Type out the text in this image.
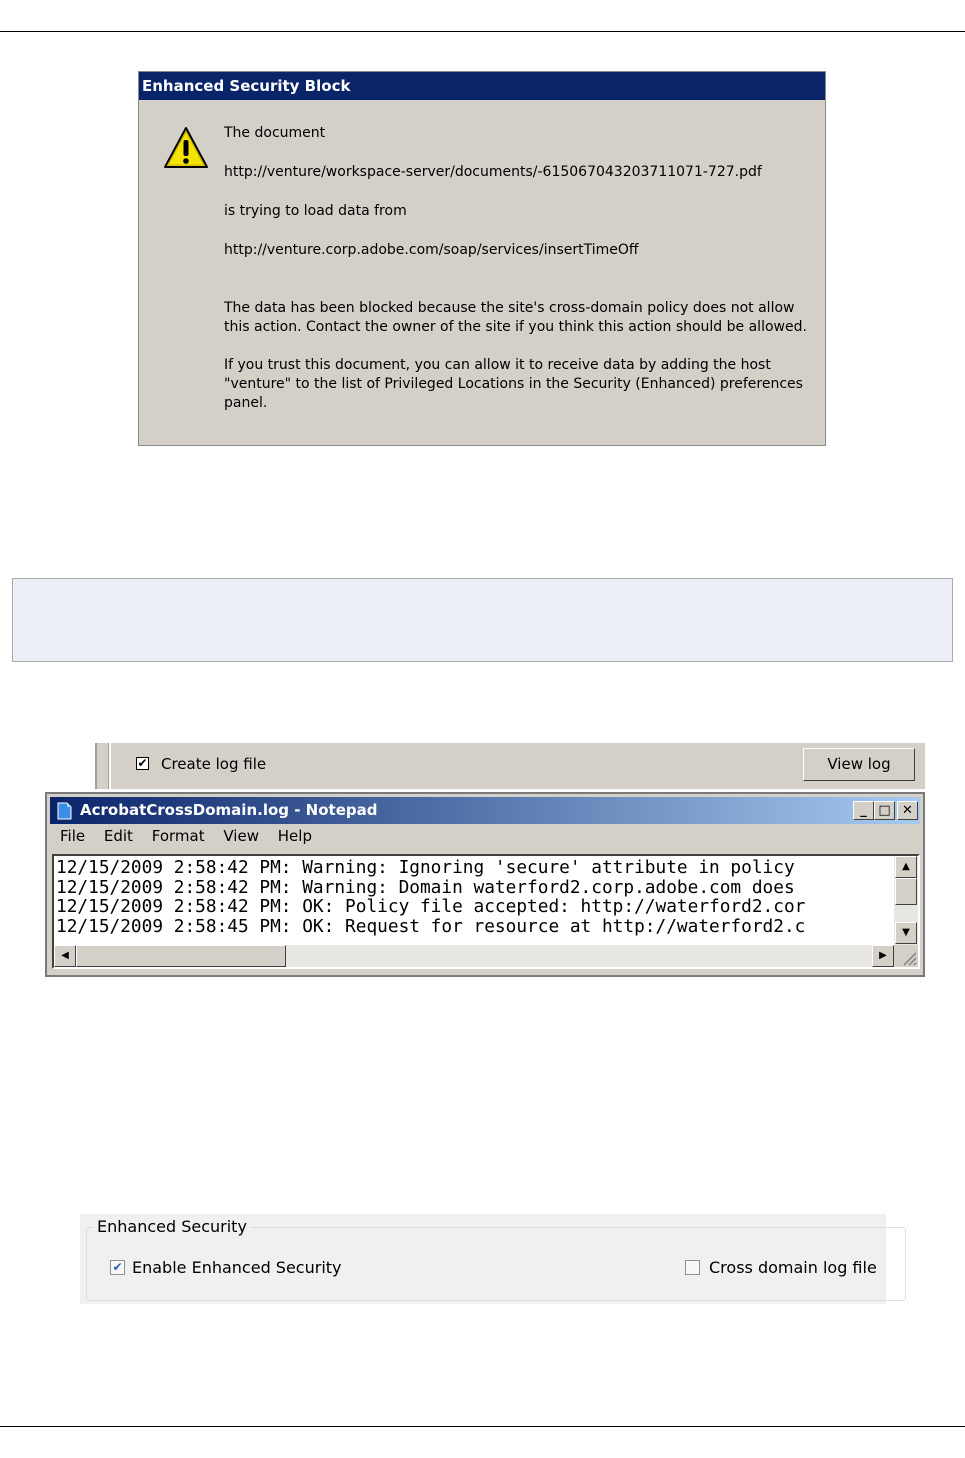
Enhanced Security Block

The document

http://venture/workspace-server/documents/-615067043203711071-727.pdf

is trying to load data from

http://venture.corp.adobe.com/soap/services/insertTimeOff

The data has been blocked because the site's cross-domain policy does not allow this action. Contact the owner of the site if you think this action should be allowed.

If you trust this document, you can allow it to receive data by adding the host "venture" to the list of Privileged Locations in the Security (Enhanced) preferences panel.

✔ Create log file	View log
AcrobatCrossDomain.log - Notepad	_ □ ✕
File Edit Format View Help
12/15/2009 2:58:42 PM: Warning: Ignoring 'secure' attribute in policy
12/15/2009 2:58:42 PM: Warning: Domain waterford2.corp.adobe.com does
12/15/2009 2:58:42 PM: OK: Policy file accepted: http://waterford2.cor
12/15/2009 2:58:45 PM: OK: Request for resource at http://waterford2.c
▲
▼
◀	▶
Enhanced Security
✔ Enable Enhanced Security	Cross domain log file
